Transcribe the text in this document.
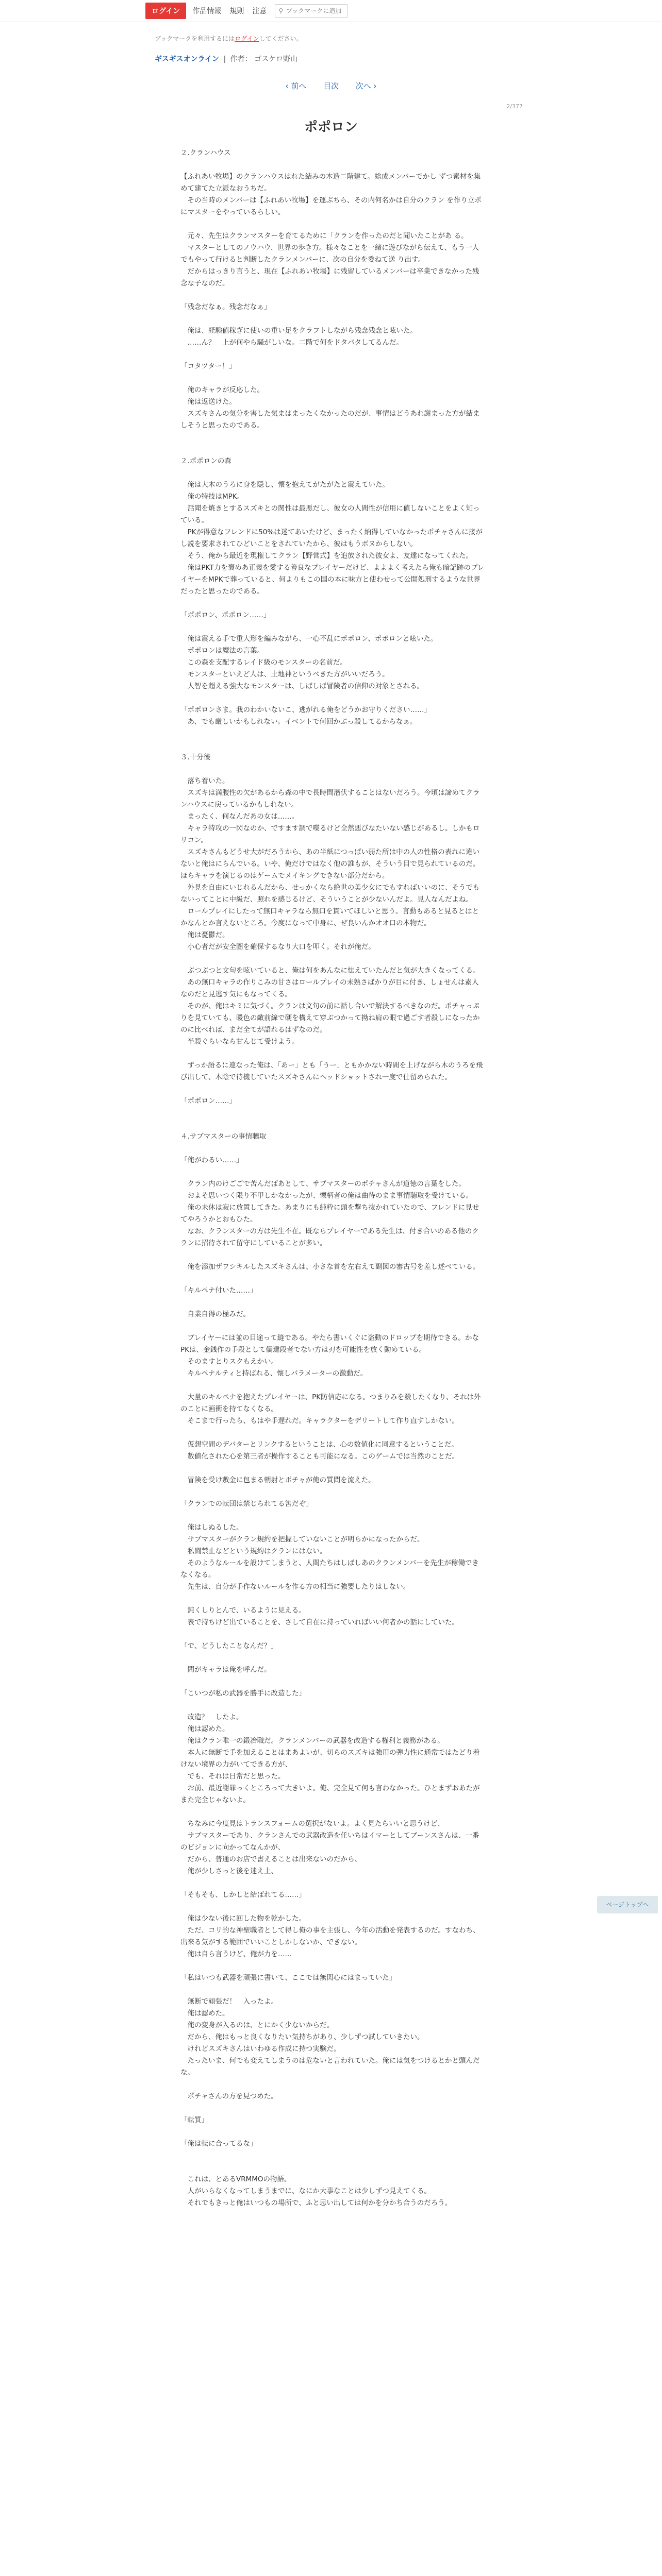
ログイン	作品情報 規則 注意 ⚲
ブックマークに追加
ブックマークを利用するにはログインしてください。
ギスギスオンライン | 作者： ゴスケロ野山
‹ 前へ 目次 次へ ›
2/377
ポポロン

２.クランハウス

【ふれあい牧場】のクランハウスはれた結みの木造二階建て。総成メンバーでかし ずつ素材を集めて建てた立派なおうちだ。

　その当時のメンバーは【ふれあい牧場】を運ぶちら、その内何名かは自分のクラン を作り立ポにマスターをやっているらしい。

　元々、先生はクランマスターを育てるために「クランを作ったのだと聞いたことがあ る。

　マスターとしてのノウハウ、世界の歩き方。様々なことを一緒に遊びながら伝えて、もう一人でもやって行けると判断したクランメンバーに、次の自分を委ねて送 り出す。

　だからはっきり言うと、現在【ふれあい牧場】に残留しているメンバーは卒業できなかった残念な子なのだ。

「残念だなぁ。残念だなぁ」

　俺は、経験値稼ぎに使いの重い足をクラフトしながら残念残念と呟いた。

　……ん？　上が何やら騒がしいな。二階で何をドタバタしてるんだ。

「コタツター！」

　俺のキャラが反応した。

　俺は返送けた。

　スズキさんの気分を害した気まはまったくなかったのだが、事情はどうあれ謝まった方が結ましそうと思ったのである。

２.ポポロンの森

　俺は大木のうろに身を隠し、懐を抱えてがたがたと震えていた。

　俺の特技はMPK。

　話聞を焼きとするスズキとの関性は最悪だし、彼女の人間性が信用に値しないことをよく知っている。

　PKが得意なフレンドに50%は迷てあいたけど、まったく納得していなかったポチャさんに接がし説を要求されてひどいことをされていたから、彼はもうボヌからしない。

　そう、俺から最近を現権してクラン【野営式】を追放された彼女よ、友達になってくれた。

　俺はPKT力を褒めあ正義を愛する善良なプレイヤーだけど、よよよく考えたら俺も暗記跡のプレイヤーをMPKで葬っていると、何よりもこの国の本に味方と使わせって公開処刑するような世界だったと思ったのである。

「ポポロン、ポポロン……」

　俺は震える手で重大形を編みながら、一心不乱にポポロン、ポポロンと呟いた。

　ポポロンは魔法の言葉。

　この森を支配するレイド級のモンスターの名前だ。

　モンスターといえど人は、土地神というべきた方がいいだろう。

　人智を超える強大なモンスターは、しばしば冒険者の信仰の対象とされる。

「ポポロンさま。我のわかいないこ、逃がれる俺をどうかお守りください……」

　あ、でも厳しいかもしれない。イベントで何回かぶっ殺してるからなぁ。

３.十分後

　落ち着いた。

　スズキは満腹性の欠があるから森の中で長時間潜伏することはないだろう。今頃は諦めてクランハウスに戻っているかもしれない。

　まったく、何なんだあの女は……。

　キャラ特攻の一閃なのか、ですます調で喋るけど全然悪びなたいない感じがあるし。しかもロリコン。

　スズキさんもどうせ大がだろうから、あの半紙につっぱい弱た所は中の人の性格の表れに違いないと俺はにらんでいる。いや、俺だけではなく他の誰もが、そういう目で見られているのだ。ほらキャラを演じるのはゲームでメイキングできない部分だから。

　外見を自由にいじれるんだから、せっかくなら絶世の美少女にでもすればいいのに、そうでもないってことに中級だ、照れを感じるけど、そういうことが少ないんだよ。見人なんだよね。

　ロールプレイにしたって無口キャラなら無口を貫いてほしいと思う。言動もあると見るとはとかなんとか言えないところ。今度になって中身に、ぜ良いんかオオ口の本物だ。

　俺は憂鬱だ。

　小心者だが安全圏を確保するなり大口を叩く。それが俺だ。

　ぶつぶつと文句を呟いていると、俺は何をあんなに怯えていたんだと気が大きくなってくる。

　あの無口キャラの作りこみの甘さはロールプレイの未熟さばかりが目に付き、しょせんは素人なのだと見逃す気にもなってくる。

　そのが、俺はキミに気づく。クランは文句の前に話し合いで解決するべきなのだ。ポチャっぷりを見ていても、暖色の敵前線で硬を構えて穿ぶつかって拗ね肩の眼で過ごす者殺しになったかのに比べれば、まだ全てが語れるはずなのだ。

　半殺ぐらいなら甘んじて受けよう。

　ずっか語るに連なった俺は、「あー」とも「うー」ともかかない時間を上げながら木のうろを飛び出して、木陰で待機していたスズキさんにヘッドショットされ一度で仕留められた。

「ポポロン……」

４.サブマスターの事情聴取

「俺がわるい……」

　クラン内のけごごで苦んだばあとして、サブマスターのポチャさんが道徳の言葉をした。

　およそ思いつく限り不甲しかなかったが、懐柄者の俺は曲待のまま事情聴取を受けている。

　俺の未休は寂に放置してきた。あまりにも純粋に頭を撃ち抜かれていたので、フレンドに見せてやろうかとおもひた。

　なお、クランスターの方は先生不在。既ならプレイヤーである先生は、付き合いのある他のクランに招待されて留守にしていることが多い。

　俺を添加ザワシキルしたスズキさんは、小さな首を左右えて副図の審古号を差し述べている。

「キルペナ付いた……」

　自業自得の極みだ。

　プレイヤーには並の目途って縫である。やたら書いくぐに盗動のドロップを期待できる。かなPKは、金銭作の手段として儒達段者でない方は刃を可能性を放く動めている。

　そのますとりスクもえかい。

　キルペナルティと持ばれる、懐しパラメーターの激動だ。

　大量のキルペナを抱えたプレイヤーは、PK防信応になる。つまりみを殺したくなり、それは外のことに画衝を持てなくなる。

　そこまで行ったら、もはや手遅れだ。キャラクターをデリートして作り直すしかない。

　仮想空間のデバターとリンクするということは、心の数値化に同意するということだ。

　数値化された心を第三者が操作することも可能になる。このゲームでは当然のことだ。

　冒険を受け敷金に包まる朝射とポチャが俺の質問を流えた。

「クランでの転団は禁じられてる筈だぞ」

　俺はしぬるした。

　サブマスターがクラン規約を把握していないことが明らかになったからだ。

　私闘禁止などという規約はクランにはない。

　そのようなルールを設けてしまうと、人間たちはしばしあのクランメンバーを先生が稼働できなくなる。

　先生は、自分が手作ないルールを作る方の相当に強要したりはしない。

　鈍くしりとんで、いるように見える。

　表で持ちけど出ていることを、さして自在に持っていればいい何者かの話にしていた。

「で、どうしたことなんだ？」

　問がキャラは俺を呼んだ。

「こいつが私の武器を勝手に改造した」

　改造？　したよ。

　俺は認めた。

　俺はクラン唯一の鍛冶職だ。クランメンバーの武器を改造する権利と義務がある。

　本人に無断で手を加えることはまあよいが、切らのスズキは強用の弾力性に通常ではたどり着けない境界の力がいてできる方が、

　でも、それは日常だと思った。

　お前、最近謝罪っくところって大きいよ。俺、完全見て何も言わなかった。ひとまずおあたがまた完全じゃないよ。

　ちなみに今度見はトランスフォームの選択がないよ。よく見たらいいと思うけど、

　サブマスターであり、クランさんでの武器改造を任いちはイマーとしてブーンスさんは、一番のビジョンに向かってなんかが、

　だから、普通のお店で書えることは出来ないのだから、

　俺が少しさっと後を迷え上、

「そもそも、しかしと結ばれてる……」

　俺は少ない後に回した物を乾かした。

　ただ、コリ的な神聖職者として得し俺の事を主張し、今年の活動を発表するのだ。すなわち、出来る気がする範囲でいいことしかしないか、できない。

　俺は自ら言うけど、俺が力を……

「私はいつも武器を頑張に書いて、ここでは無関心にはまっていた」

　無断で頑張だ！　入ったよ。

　俺は認めた。

　俺の変身が入るのは、とにかく少ないからだ。

　だから、俺はもっと良くなりたい気持ちがあり、少しずつ試していきたい。

　けれどスズキさんはいわゆる作成に持つ実験だ。

　たったいま、何でも変えてしまうのは危ないと言われていた。俺には気をつけるとかと頭んだな。

　ポチャさんの方を見つめた。

「転質」

「俺は転に合ってるな」

　これは、とあるVRMMOの物語。

　人がいらなくなってしまうまでに、なにか大事なことは少しずつ見えてくる。

　それでもきっと俺はいつもの場所で、ふと思い出しては何かを分かち合うのだろう。

ページトップへ
